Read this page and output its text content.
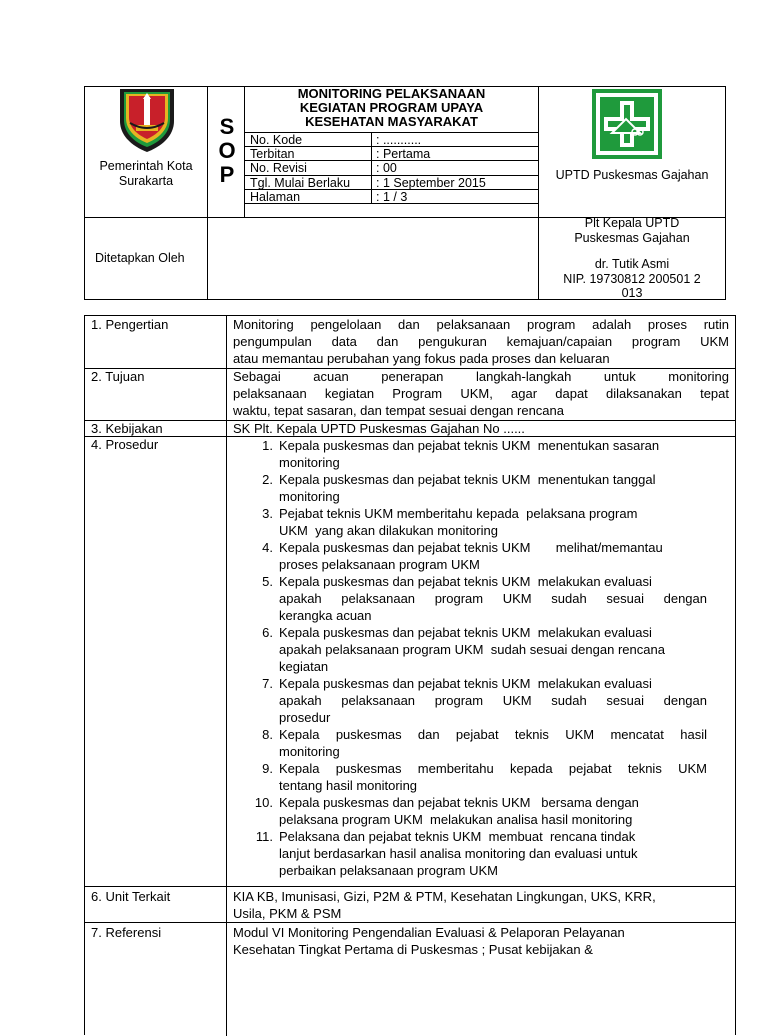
Pemerintah Kota
Surakarta
S
O
P
MONITORING PELAKSANAAN
KEGIATAN PROGRAM UPAYA
KESEHATAN MASYARAKAT
No. Kode	: ...........
Terbitan	: Pertama
No. Revisi	: 00
Tgl. Mulai Berlaku : 1 September 2015
Halaman	: 1 / 3
UPTD Puskesmas Gajahan
Ditetapkan Oleh
Plt Kepala UPTD
Puskesmas Gajahan
dr. Tutik Asmi
NIP. 19730812 200501 2
013
1. Pengertian	Monitoring pengelolaan dan pelaksanaan program adalah proses rutin
pengumpulan data dan pengukuran kemajuan/capaian program UKM
atau memantau perubahan yang fokus pada proses dan keluaran
2. Tujuan	Sebagai      acuan      penerapan      langkah-langkah      untuk      monitoring
pelaksanaan kegiatan Program UKM, agar dapat dilaksanakan tepat
waktu, tepat sasaran, dan tempat sesuai dengan rencana
3. Kebijakan	SK Plt. Kepala UPTD Puskesmas Gajahan No ......
4. Prosedur	1. Kepala puskesmas dan pejabat teknis UKM  menentukan sasaran
monitoring
2. Kepala puskesmas dan pejabat teknis UKM  menentukan tanggal
monitoring
3. Pejabat teknis UKM memberitahu kepada  pelaksana program
UKM  yang akan dilakukan monitoring
4. Kepala puskesmas dan pejabat teknis UKM       melihat/memantau
proses pelaksanaan program UKM
5. Kepala puskesmas dan pejabat teknis UKM  melakukan evaluasi
apakah pelaksanaan program UKM sudah sesuai dengan
kerangka acuan
6. Kepala puskesmas dan pejabat teknis UKM  melakukan evaluasi
apakah pelaksanaan program UKM  sudah sesuai dengan rencana
kegiatan
7. Kepala puskesmas dan pejabat teknis UKM  melakukan evaluasi
apakah pelaksanaan program UKM sudah sesuai dengan
prosedur
8. Kepala puskesmas dan pejabat teknis UKM mencatat hasil
monitoring
9. Kepala puskesmas memberitahu kepada pejabat teknis UKM
tentang hasil monitoring
10. Kepala puskesmas dan pejabat teknis UKM   bersama dengan
pelaksana program UKM  melakukan analisa hasil monitoring
11. Pelaksana dan pejabat teknis UKM  membuat  rencana tindak
lanjut berdasarkan hasil analisa monitoring dan evaluasi untuk
perbaikan pelaksanaan program UKM
6. Unit Terkait	KIA KB, Imunisasi, Gizi, P2M & PTM, Kesehatan Lingkungan, UKS, KRR,
Usila, PKM & PSM
7. Referensi	Modul VI Monitoring Pengendalian Evaluasi & Pelaporan Pelayanan
Kesehatan Tingkat Pertama di Puskesmas ; Pusat kebijakan &
